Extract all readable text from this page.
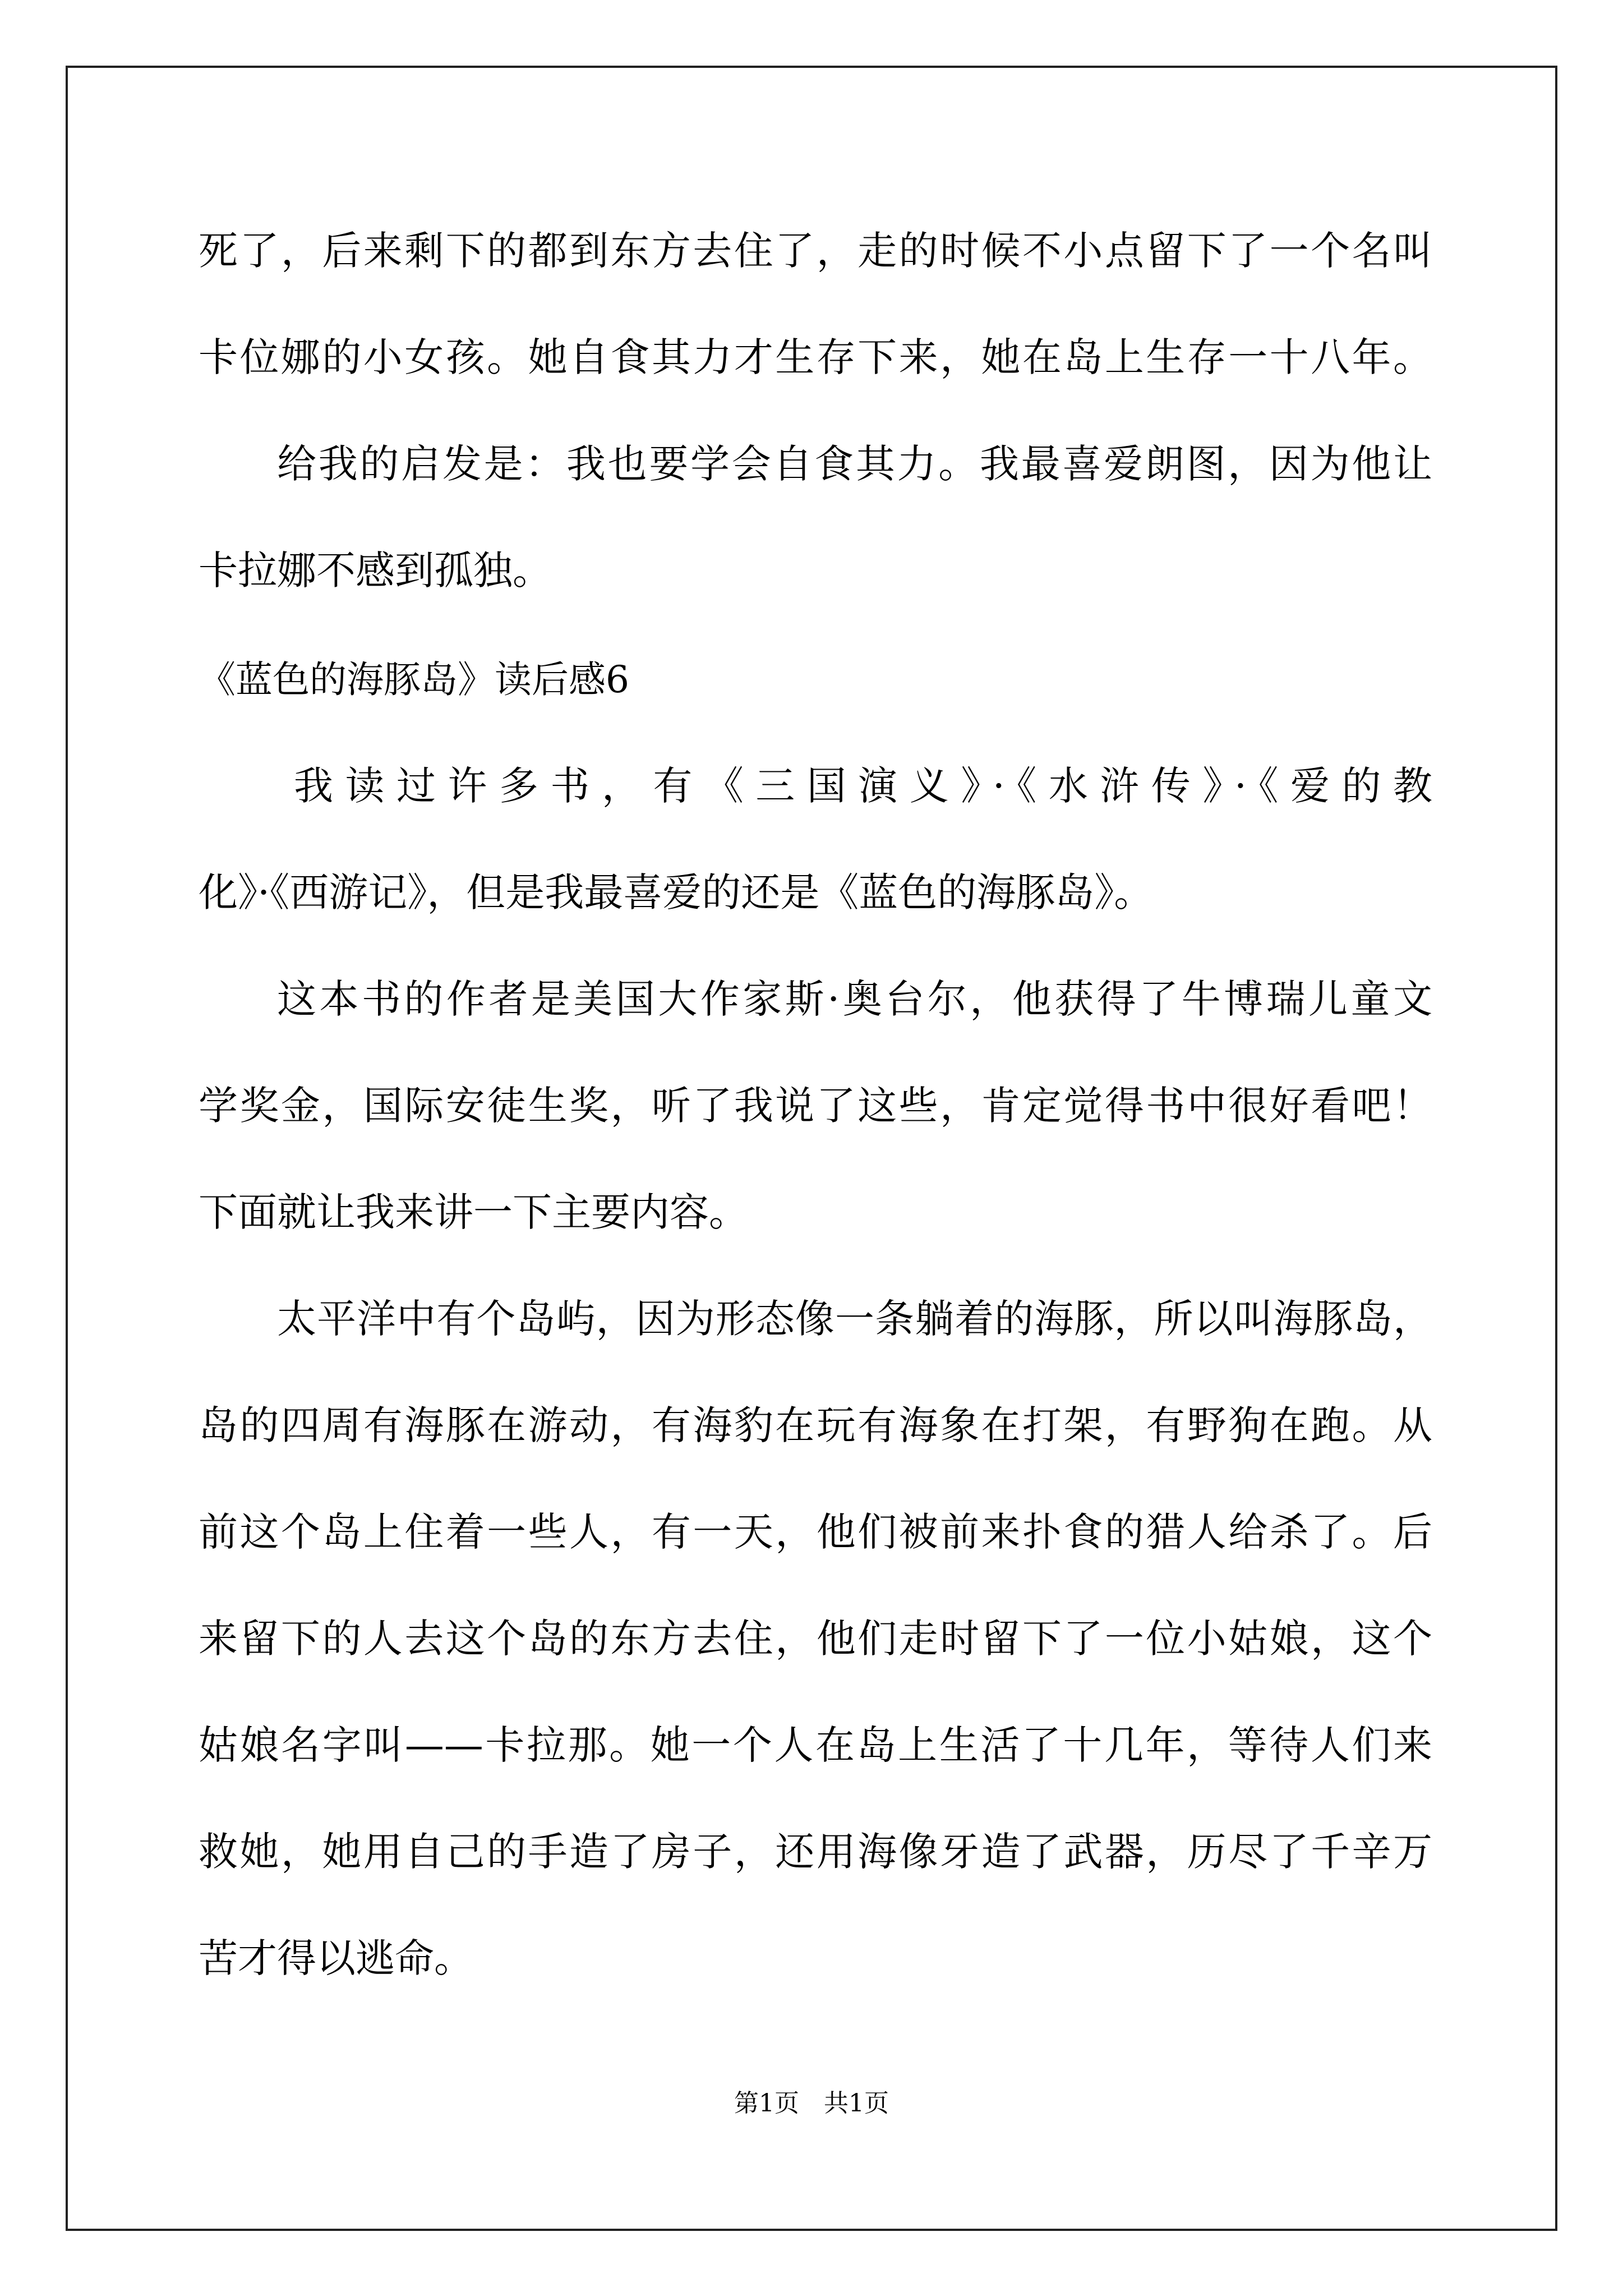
死了，后来剩下的都到东方去住了，走的时候不小点留下了一个名叫
卡位娜的小女孩。她自食其力才生存下来，她在岛上生存一十八年。
给我的启发是：我也要学会自食其力。我最喜爱朗图，因为他让
卡拉娜不感到孤独。
《蓝色的海豚岛》读后感6
我读过许多书，有《三国演义》·《水浒传》·《爱的教
化》·《西游记》，但是我最喜爱的还是《蓝色的海豚岛》。
这本书的作者是美国大作家斯·奥台尔，他获得了牛博瑞儿童文
学奖金，国际安徒生奖，听了我说了这些，肯定觉得书中很好看吧！
下面就让我来讲一下主要内容。
太平洋中有个岛屿，因为形态像一条躺着的海豚，所以叫海豚岛，
岛的四周有海豚在游动，有海豹在玩有海象在打架，有野狗在跑。从
前这个岛上住着一些人，有一天，他们被前来扑食的猎人给杀了。后
来留下的人去这个岛的东方去住，他们走时留下了一位小姑娘，这个
姑娘名字叫——卡拉那。她一个人在岛上生活了十几年，等待人们来
救她，她用自己的手造了房子，还用海像牙造了武器，历尽了千辛万
苦才得以逃命。
第1页　共1页
